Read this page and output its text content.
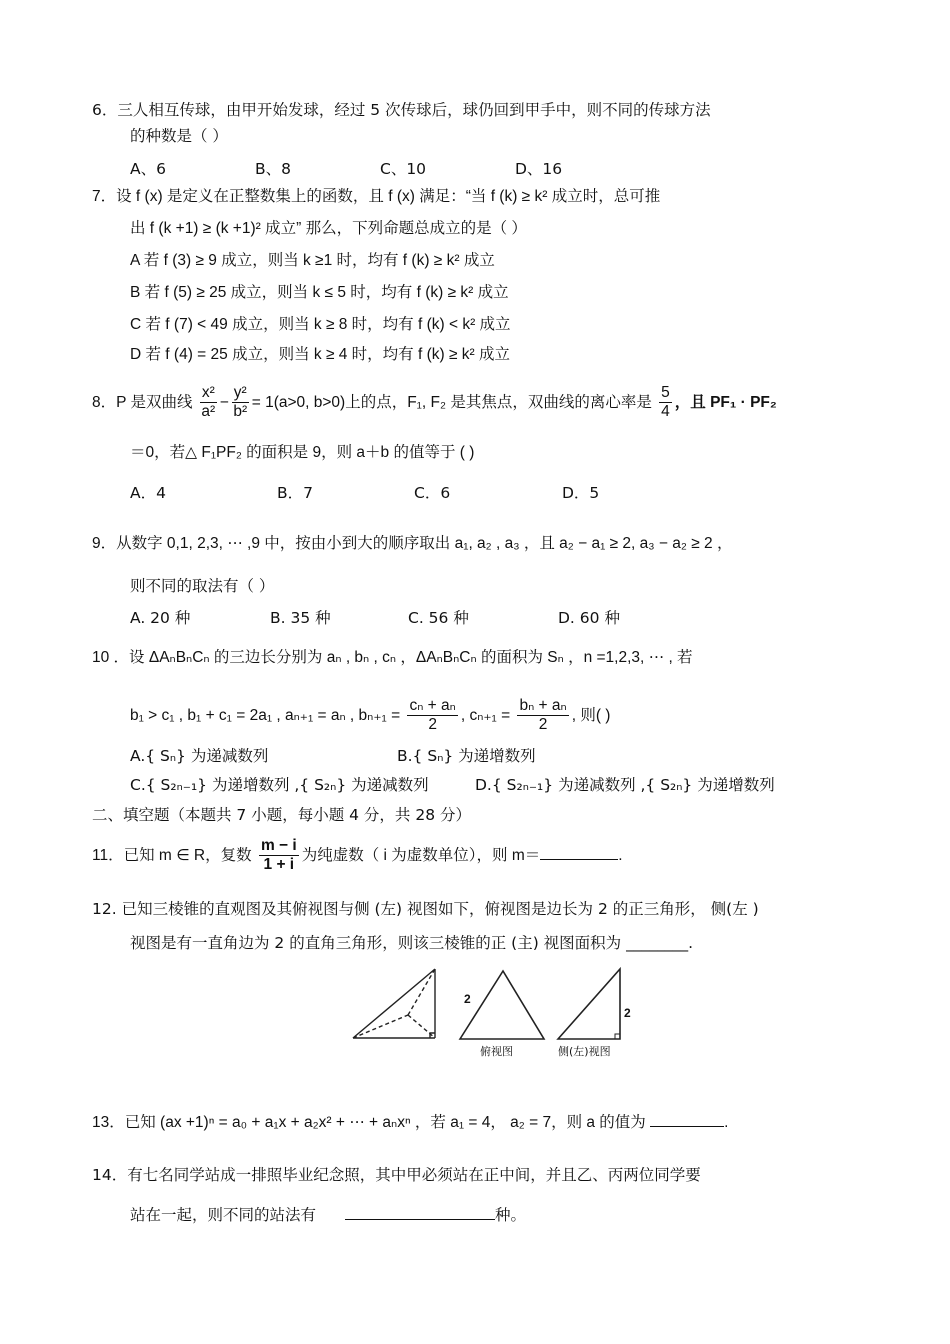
6．三人相互传球，由甲开始发球，经过 5 次传球后，球仍回到甲手中，则不同的传球方法
的种数是（ ）
A、6	B、8	C、10	D、16
7．设 f (x) 是定义在正整数集上的函数，且 f (x) 满足：“当 f (k) ≥ k² 成立时，总可推
出 f (k +1) ≥ (k +1)² 成立” 那么，下列命题总成立的是（ ）
A 若 f (3) ≥ 9 成立，则当 k ≥1 时，均有 f (k) ≥ k² 成立
B 若 f (5) ≥ 25 成立，则当 k ≤ 5 时，均有 f (k) ≥ k² 成立
C 若 f (7) < 49 成立，则当 k ≥ 8 时，均有 f (k) < k² 成立
D 若 f (4) = 25 成立，则当 k ≥ 4 时，均有 f (k) ≥ k² 成立
8．P 是双曲线 $\frac{\text{x²}}{\text{a²}} - \frac{\text{y²}}{\text{b²}} = 1(a>0$, b>0)上的点，F₁, F₂ 是其焦点，双曲线的离心率是 $\frac{5}{4}$ ，且 PF₁ · PF₂
＝0，若△ F₁PF₂ 的面积是 9，则 a＋b 的值等于 ( )
A．4	B．7	C．6	D．5
9．从数字 0,1, 2,3, ⋯ ,9 中，按由小到大的顺序取出 a₁, a₂ , a₃ ，且 a₂ − a₁ ≥ 2, a₃ − a₂ ≥ 2 ，
则不同的取法有（ ）
A. 20 种	B. 35 种	C. 56 种	D. 60 种
10 ．设 ΔAₙBₙCₙ 的三边长分别为 aₙ , bₙ , cₙ ，ΔAₙBₙCₙ 的面积为 Sₙ ，n =1,2,3, ⋯ , 若
b₁ > c₁ , b₁ + c₁ = 2a₁ , aₙ₊₁ = aₙ , $b_{n+1} = \frac{\text{cₙ + aₙ}}{2}$ , $c_{n+1} = \frac{\text{bₙ + aₙ}}{2}$ , 则( )
A.{ Sₙ} 为递减数列	B.{ Sₙ} 为递增数列
C.{ S₂ₙ₋₁} 为递增数列 ,{ S₂ₙ} 为递减数列	D.{ S₂ₙ₋₁} 为递减数列 ,{ S₂ₙ} 为递增数列
二、填空题（本题共 7 小题，每小题 4 分，共 28 分）
11．已知 m ∈ R，复数 $\frac{m - i}{1 + i}$ 为纯虚数（ i 为虚数单位），则 m＝	.
12. 已知三棱锥的直观图及其俯视图与侧 (左) 视图如下，俯视图是边长为 2 的正三角形， 侧(左 )
视图是有一直角边为 2 的直角三角形，则该三棱锥的正 (主) 视图面积为 ________.
2
俯视图
2
侧(左)视图
13．已知 (ax +1)ⁿ = a₀ + a₁x + a₂x² + ⋯ + aₙxⁿ ，若 a₁ = 4， a₂ = 7，则 a 的值为	.
14．有七名同学站成一排照毕业纪念照，其中甲必须站在正中间，并且乙、丙两位同学要
站在一起，则不同的站法有	种。
